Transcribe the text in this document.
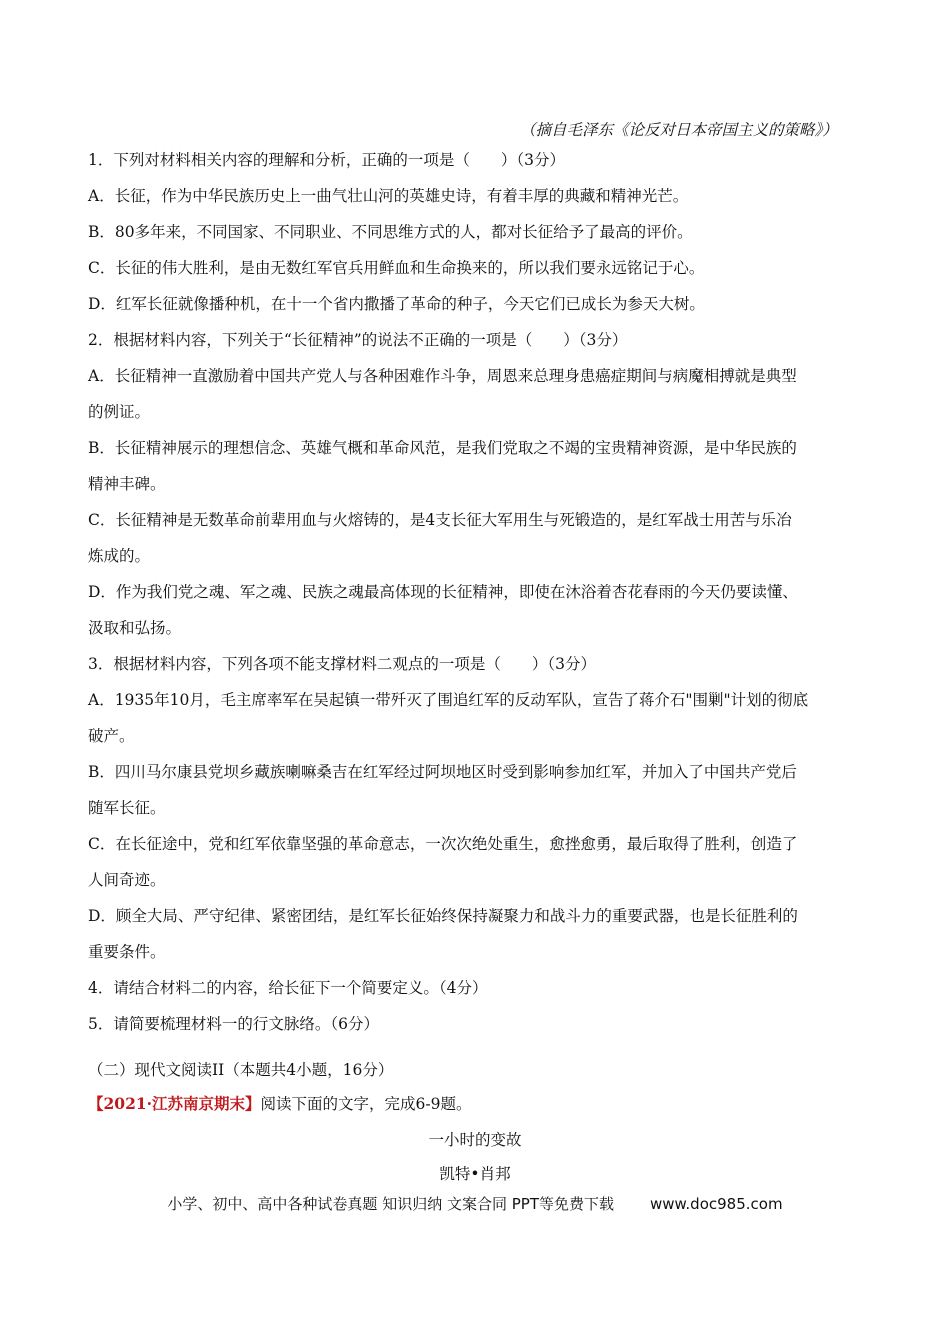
（摘自毛泽东《论反对日本帝国主义的策略》）
1．下列对材料相关内容的理解和分析，正确的一项是（　　）（3分）
A．长征，作为中华民族历史上一曲气壮山河的英雄史诗，有着丰厚的典藏和精神光芒。
B．80多年来，不同国家、不同职业、不同思维方式的人，都对长征给予了最高的评价。
C．长征的伟大胜利，是由无数红军官兵用鲜血和生命换来的，所以我们要永远铭记于心。
D．红军长征就像播种机，在十一个省内撒播了革命的种子，今天它们已成长为参天大树。
2．根据材料内容，下列关于“长征精神”的说法不正确的一项是（　　）（3分）
A．长征精神一直激励着中国共产党人与各种困难作斗争，周恩来总理身患癌症期间与病魔相搏就是典型
的例证。
B．长征精神展示的理想信念、英雄气概和革命风范，是我们党取之不竭的宝贵精神资源，是中华民族的
精神丰碑。
C．长征精神是无数革命前辈用血与火熔铸的，是4支长征大军用生与死锻造的，是红军战士用苦与乐冶
炼成的。
D．作为我们党之魂、军之魂、民族之魂最高体现的长征精神，即使在沐浴着杏花春雨的今天仍要读懂、
汲取和弘扬。
3．根据材料内容，下列各项不能支撑材料二观点的一项是（　　）（3分）
A．1935年10月，毛主席率军在吴起镇一带歼灭了围追红军的反动军队，宣告了蒋介石"围剿"计划的彻底
破产。
B．四川马尔康县党坝乡藏族喇嘛桑吉在红军经过阿坝地区时受到影响参加红军，并加入了中国共产党后
随军长征。
C．在长征途中，党和红军依靠坚强的革命意志，一次次绝处重生，愈挫愈勇，最后取得了胜利，创造了
人间奇迹。
D．顾全大局、严守纪律、紧密团结，是红军长征始终保持凝聚力和战斗力的重要武器，也是长征胜利的
重要条件。
4．请结合材料二的内容，给长征下一个简要定义。（4分）
5．请简要梳理材料一的行文脉络。（6分）
（二）现代文阅读II（本题共4小题，16分）
【2021·江苏南京期末】阅读下面的文字，完成6-9题。
一小时的变故
凯特•肖邦
小学、初中、高中各种试卷真题 知识归纳 文案合同 PPT等免费下载 www.doc985.com
